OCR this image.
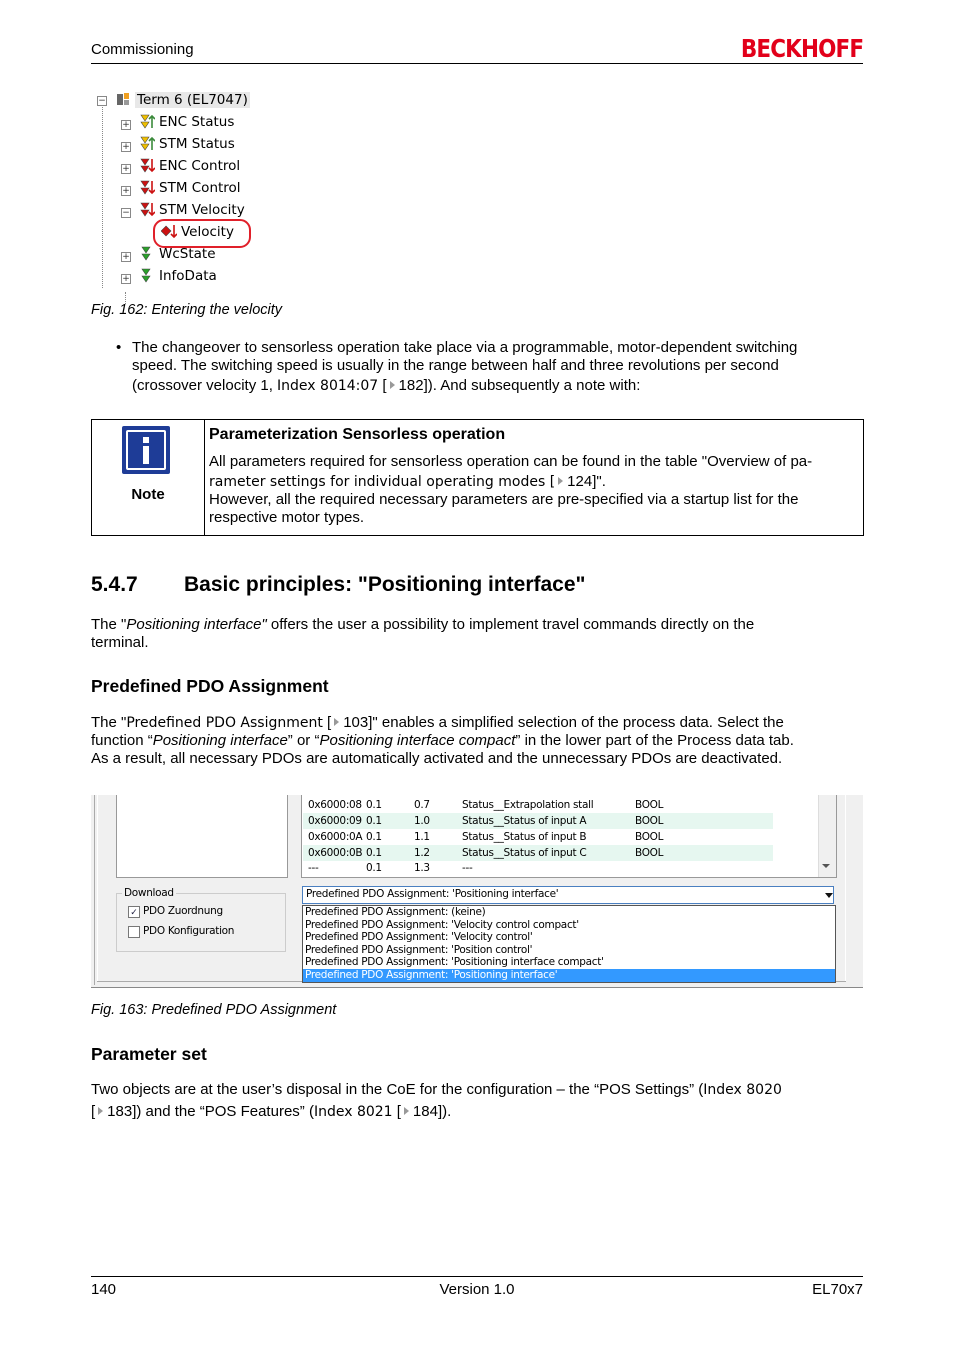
Commissioning	BECKHOFF
−	Term 6 (EL7047)
+	ENC Status
+	STM Status
+	ENC Control
+	STM Control
−	STM Velocity
Velocity
+	WcState
+	InfoData
Fig. 162: Entering the velocity
• The changeover to sensorless operation take place via a programmable, motor-dependent switching
speed. The switching speed is usually in the range between half and three revolutions per second
(crossover velocity 1, Index 8014:07 [ 182]). And subsequently a note with:
Note
Parameterization Sensorless operation
All parameters required for sensorless operation can be found in the table "Overview of pa-
rameter settings for individual operating modes [ 124]".
However, all the required necessary parameters are pre-specified via a startup list for the
respective motor types.
5.4.7 Basic principles: "Positioning interface"
The "Positioning interface" offers the user a possibility to implement travel commands directly on the
terminal.
Predefined PDO Assignment
The "Predefined PDO Assignment [ 103]" enables a simplified selection of the process data. Select the
function “Positioning interface” or “Positioning interface compact” in the lower part of the Process data tab.
As a result, all necessary PDOs are automatically activated and the unnecessary PDOs are deactivated.
0x6000:08 0.1	0.7	Status__Extrapolation stall	BOOL
0x6000:09 0.1	1.0	Status__Status of input A	BOOL
0x6000:0A 0.1	1.1	Status__Status of input B	BOOL
0x6000:0B 0.1	1.2	Status__Status of input C	BOOL
---	0.1	1.3	---
Download
✓ PDO Zuordnung
PDO Konfiguration
Predefined PDO Assignment: 'Positioning interface'
Predefined PDO Assignment: (keine)
Predefined PDO Assignment: 'Velocity control compact'
Predefined PDO Assignment: 'Velocity control'
Predefined PDO Assignment: 'Position control'
Predefined PDO Assignment: 'Positioning interface compact'
Predefined PDO Assignment: 'Positioning interface'
Fig. 163: Predefined PDO Assignment
Parameter set
Two objects are at the user’s disposal in the CoE for the configuration – the “POS Settings” (Index 8020
[ 183]) and the “POS Features” (Index 8021 [ 184]).
140	Version 1.0	EL70x7
